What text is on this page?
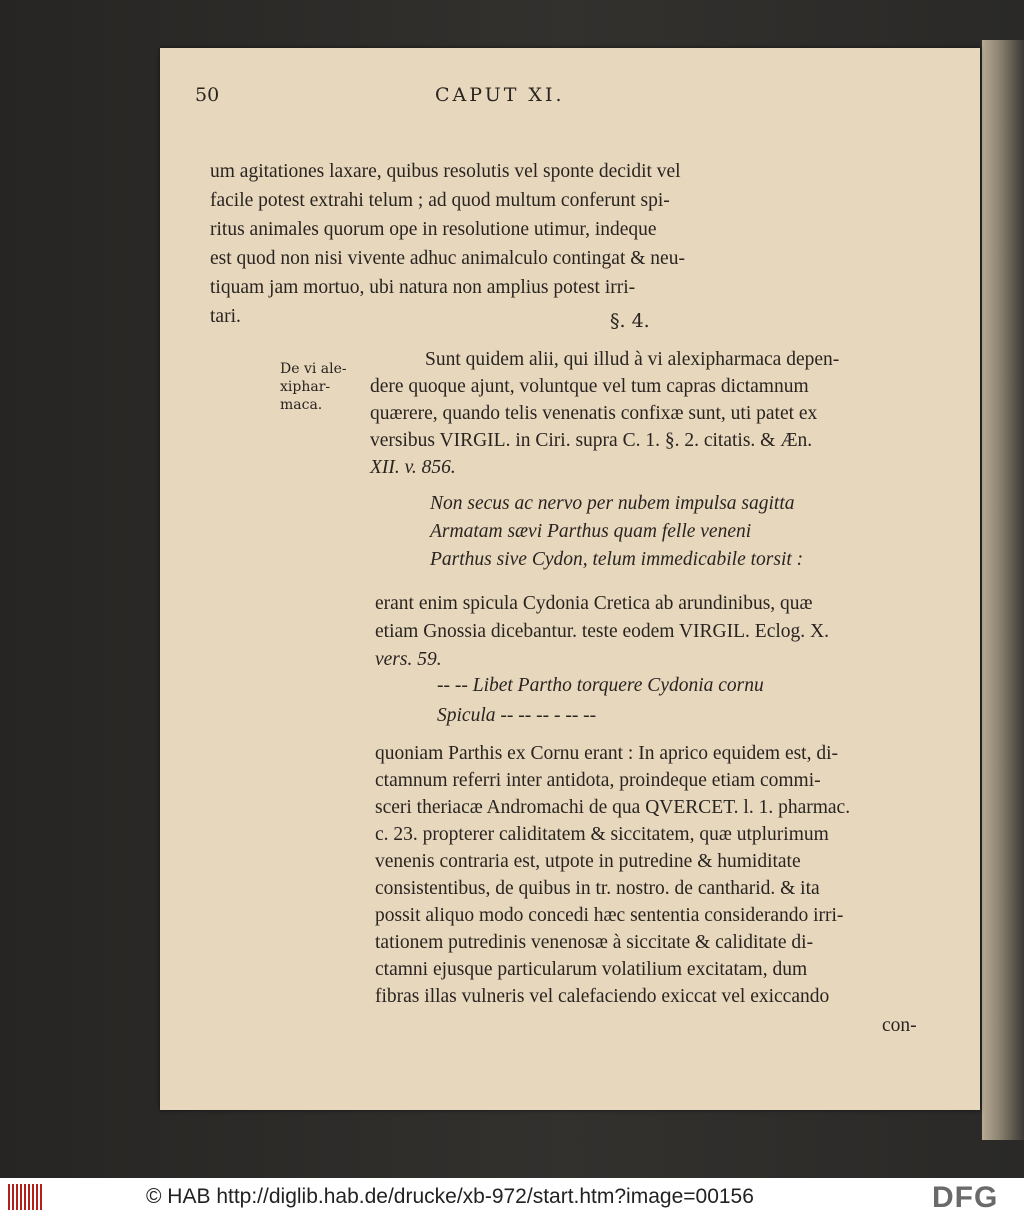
50	CAPUT XI.
um agitationes laxare, quibus resolutis vel sponte decidit vel
facile potest extrahi telum ; ad quod multum conferunt spi-
ritus animales quorum ope in resolutione utimur, indeque
est quod non nisi vivente adhuc animalculo contingat & neu-
tiquam jam mortuo, ubi natura non amplius potest irri-
tari.	§. 4.
De vi ale-
xiphar-
maca.
Sunt quidem alii, qui illud à vi alexipharmaca depen-
dere quoque ajunt, voluntque vel tum capras dictamnum
quærere, quando telis venenatis confixæ sunt, uti patet ex
versibus VIRGIL. in Ciri. supra C. 1. §. 2. citatis. & Æn.
XII. v. 856.
Non secus ac nervo per nubem impulsa sagitta
Armatam sævi Parthus quam felle veneni
Parthus sive Cydon, telum immedicabile torsit :
erant enim spicula Cydonia Cretica ab arundinibus, quæ
etiam Gnossia dicebantur. teste eodem VIRGIL. Eclog. X.
vers. 59.
-- -- Libet Partho torquere Cydonia cornu
Spicula -- -- -- - -- --
quoniam Parthis ex Cornu erant : In aprico equidem est, di-
ctamnum referri inter antidota, proindeque etiam commi-
sceri theriacæ Andromachi de qua QVERCET. l. 1. pharmac.
c. 23. propterer caliditatem & siccitatem, quæ utplurimum
venenis contraria est, utpote in putredine & humiditate
consistentibus, de quibus in tr. nostro. de cantharid. & ita
possit aliquo modo concedi hæc sententia considerando irri-
tationem putredinis venenosæ à siccitate & caliditate di-
ctamni ejusque particularum volatilium excitatam, dum
fibras illas vulneris vel calefaciendo exiccat vel exiccando
con-
© HAB http://diglib.hab.de/drucke/xb-972/start.htm?image=00156	DFG
